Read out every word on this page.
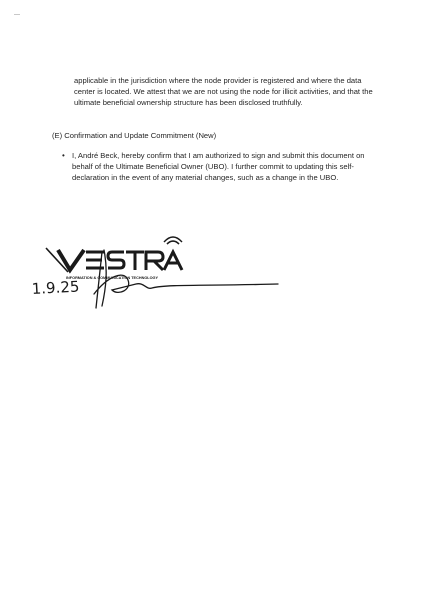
applicable in the jurisdiction where the node provider is registered and where the data center is located. We attest that we are not using the node for illicit activities, and that the ultimate beneficial ownership structure has been disclosed truthfully.

(E) Confirmation and Update Commitment (New)

• I, André Beck, hereby confirm that I am authorized to sign and submit this document on behalf of the Ultimate Beneficial Owner (UBO). I further commit to updating this self-declaration in the event of any material changes, such as a change in the UBO.

INFORMATION & COMMUNICATION TECHNOLOGY
1.9.25
